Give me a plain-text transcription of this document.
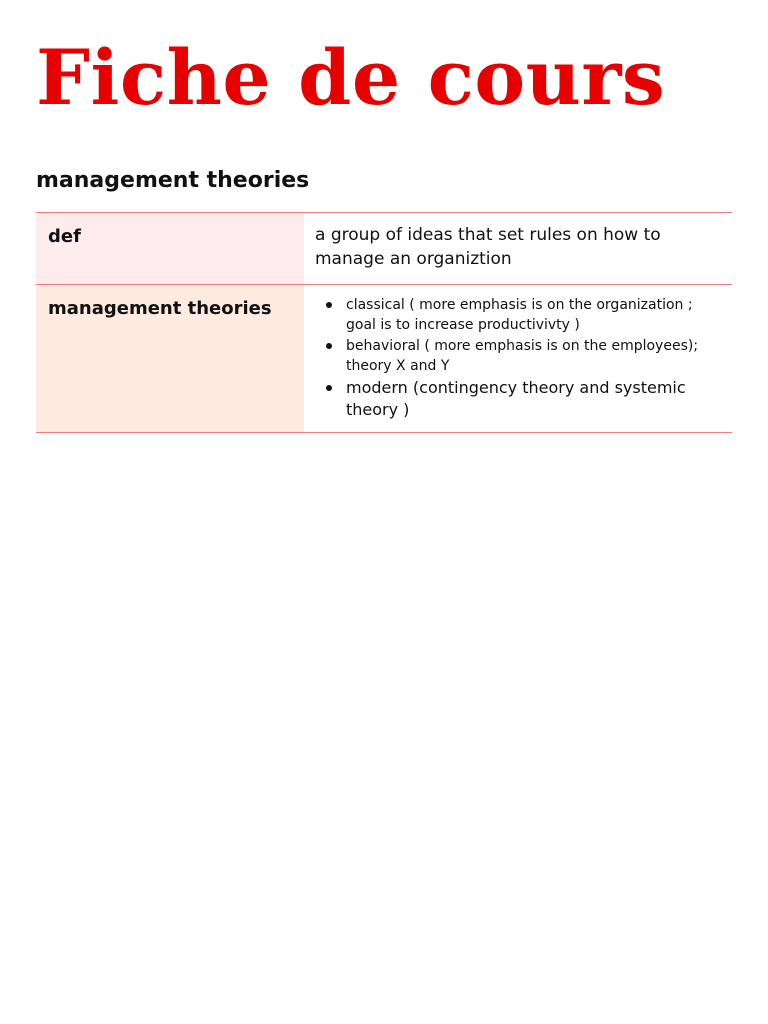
Fiche de cours
management theories
def	a group of ideas that set rules on how to manage an organiztion
management theories	classical ( more emphasis is on the organization ; goal is to increase productivivty )
behavioral ( more emphasis is on the employees); theory X and Y
modern (contingency theory and systemic theory )
